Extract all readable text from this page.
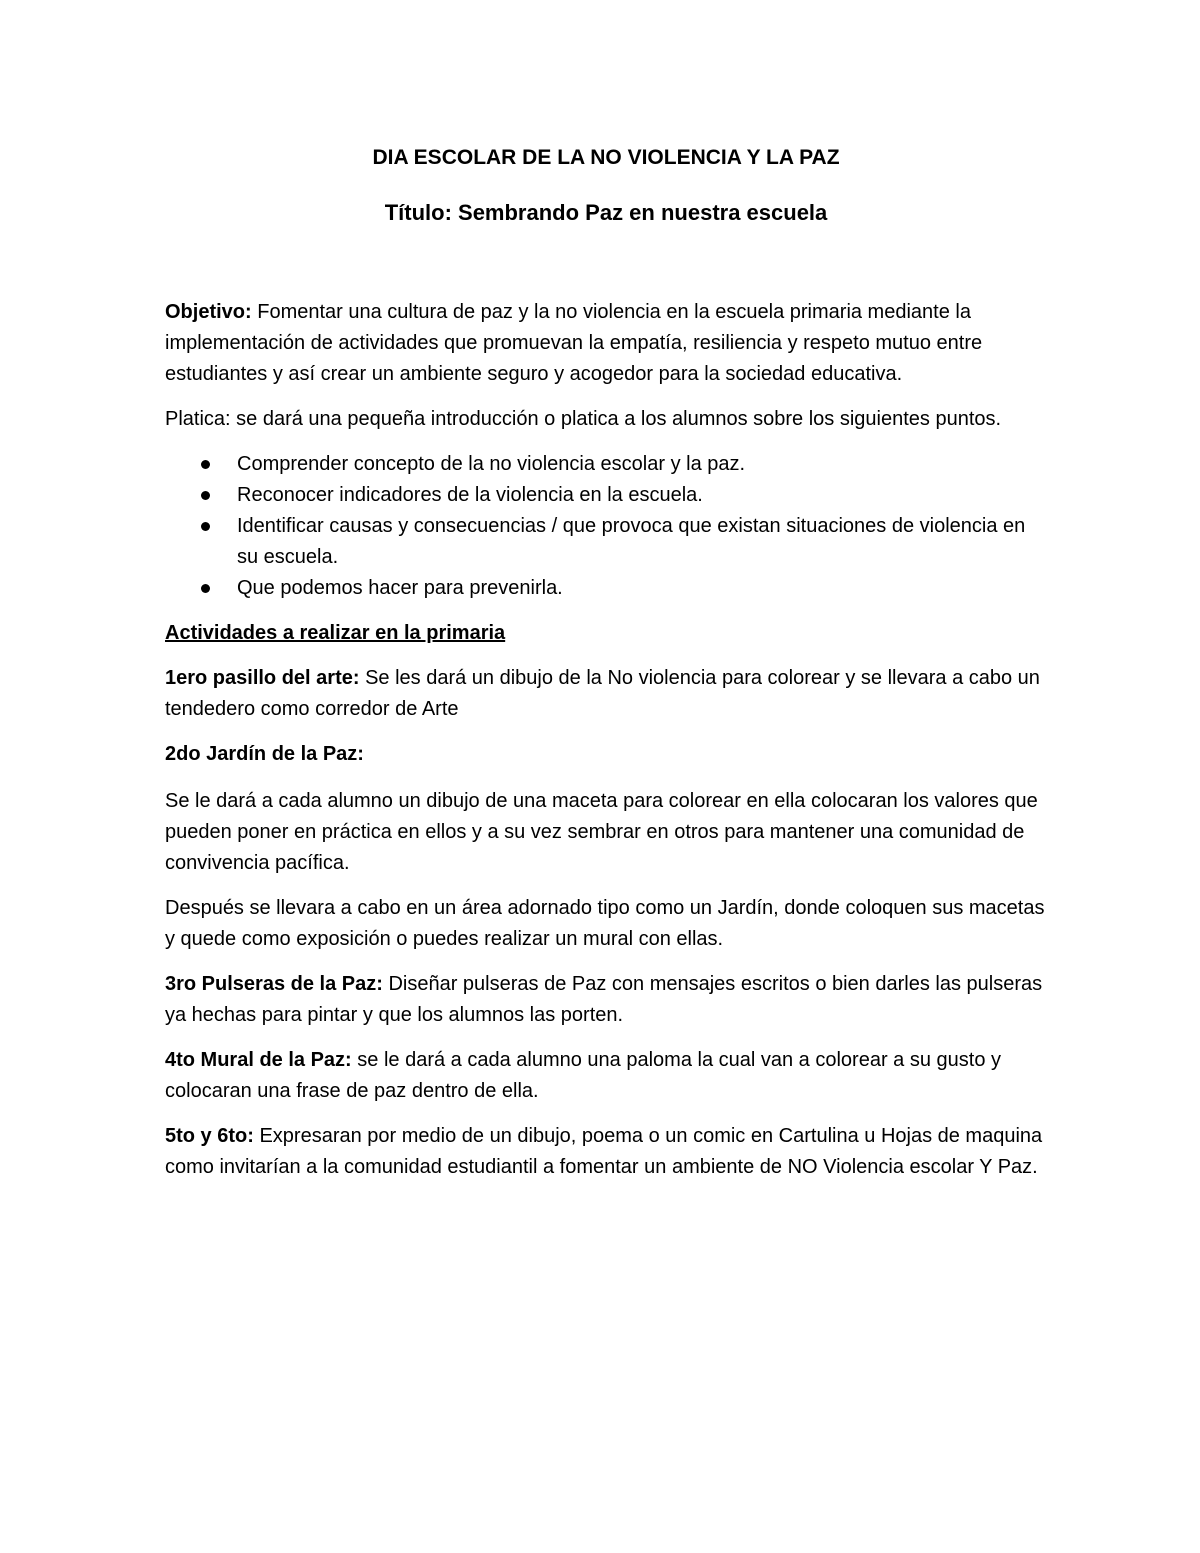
DIA ESCOLAR DE LA NO VIOLENCIA Y LA PAZ
Título: Sembrando Paz en nuestra escuela

Objetivo: Fomentar una cultura de paz y la no violencia en la escuela primaria mediante la implementación de actividades que promuevan la empatía, resiliencia y respeto mutuo entre estudiantes y así crear un ambiente seguro y acogedor para la sociedad educativa.

Platica: se dará una pequeña introducción o platica a los alumnos sobre los siguientes puntos.

Comprender concepto de la no violencia escolar y la paz.
Reconocer indicadores de la violencia en la escuela.
Identificar causas y consecuencias / que provoca que existan situaciones de violencia en su escuela.
Que podemos hacer para prevenirla.

Actividades a realizar en la primaria

1ero pasillo del arte: Se les dará un dibujo de la No violencia para colorear y se llevara a cabo un tendedero como corredor de Arte

2do Jardín de la Paz:

Se le dará a cada alumno un dibujo de una maceta para colorear en ella colocaran los valores que pueden poner en práctica en ellos y a su vez sembrar en otros para mantener una comunidad de convivencia pacífica.

Después se llevara a cabo en un área adornado tipo como un Jardín, donde coloquen sus macetas y quede como exposición o puedes realizar un mural con ellas.

3ro Pulseras de la Paz: Diseñar pulseras de Paz con mensajes escritos o bien darles las pulseras ya hechas para pintar y que los alumnos las porten.

4to Mural de la Paz: se le dará a cada alumno una paloma la cual van a colorear a su gusto y colocaran una frase de paz dentro de ella.

5to y 6to: Expresaran por medio de un dibujo, poema o un comic en Cartulina u Hojas de maquina como invitarían a la comunidad estudiantil a fomentar un ambiente de NO Violencia escolar Y Paz.
